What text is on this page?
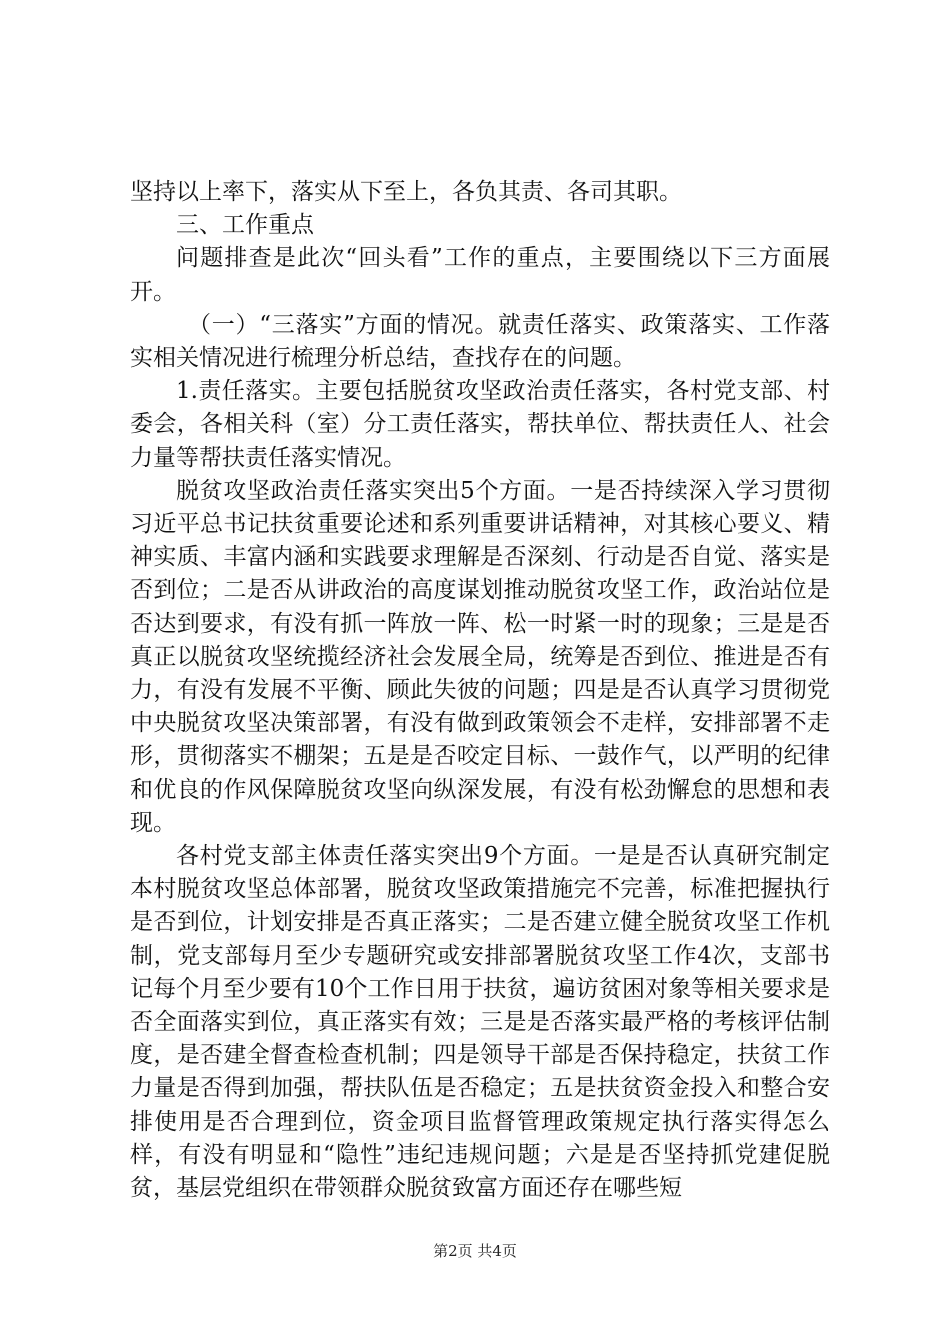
坚持以上率下，落实从下至上，各负其责、各司其职。

三、工作重点

问题排查是此次“回头看”工作的重点，主要围绕以下三方面展开。

（一）“三落实”方面的情况。就责任落实、政策落实、工作落实相关情况进行梳理分析总结，查找存在的问题。

1.责任落实。主要包括脱贫攻坚政治责任落实，各村党支部、村委会，各相关科（室）分工责任落实，帮扶单位、帮扶责任人、社会力量等帮扶责任落实情况。

脱贫攻坚政治责任落实突出5个方面。一是否持续深入学习贯彻习近平总书记扶贫重要论述和系列重要讲话精神，对其核心要义、精神实质、丰富内涵和实践要求理解是否深刻、行动是否自觉、落实是否到位；二是否从讲政治的高度谋划推动脱贫攻坚工作，政治站位是否达到要求，有没有抓一阵放一阵、松一时紧一时的现象；三是是否真正以脱贫攻坚统揽经济社会发展全局，统筹是否到位、推进是否有力，有没有发展不平衡、顾此失彼的问题；四是是否认真学习贯彻党中央脱贫攻坚决策部署，有没有做到政策领会不走样，安排部署不走形，贯彻落实不棚架；五是是否咬定目标、一鼓作气，以严明的纪律和优良的作风保障脱贫攻坚向纵深发展，有没有松劲懈怠的思想和表现。

各村党支部主体责任落实突出9个方面。一是是否认真研究制定本村脱贫攻坚总体部署，脱贫攻坚政策措施完不完善，标准把握执行是否到位，计划安排是否真正落实；二是否建立健全脱贫攻坚工作机制，党支部每月至少专题研究或安排部署脱贫攻坚工作4次，支部书记每个月至少要有10个工作日用于扶贫，遍访贫困对象等相关要求是否全面落实到位，真正落实有效；三是是否落实最严格的考核评估制度，是否建全督查检查机制；四是领导干部是否保持稳定，扶贫工作力量是否得到加强，帮扶队伍是否稳定；五是扶贫资金投入和整合安排使用是否合理到位，资金项目监督管理政策规定执行落实得怎么样，有没有明显和“隐性”违纪违规问题；六是是否坚持抓党建促脱贫，基层党组织在带领群众脱贫致富方面还存在哪些短

第2页 共4页
